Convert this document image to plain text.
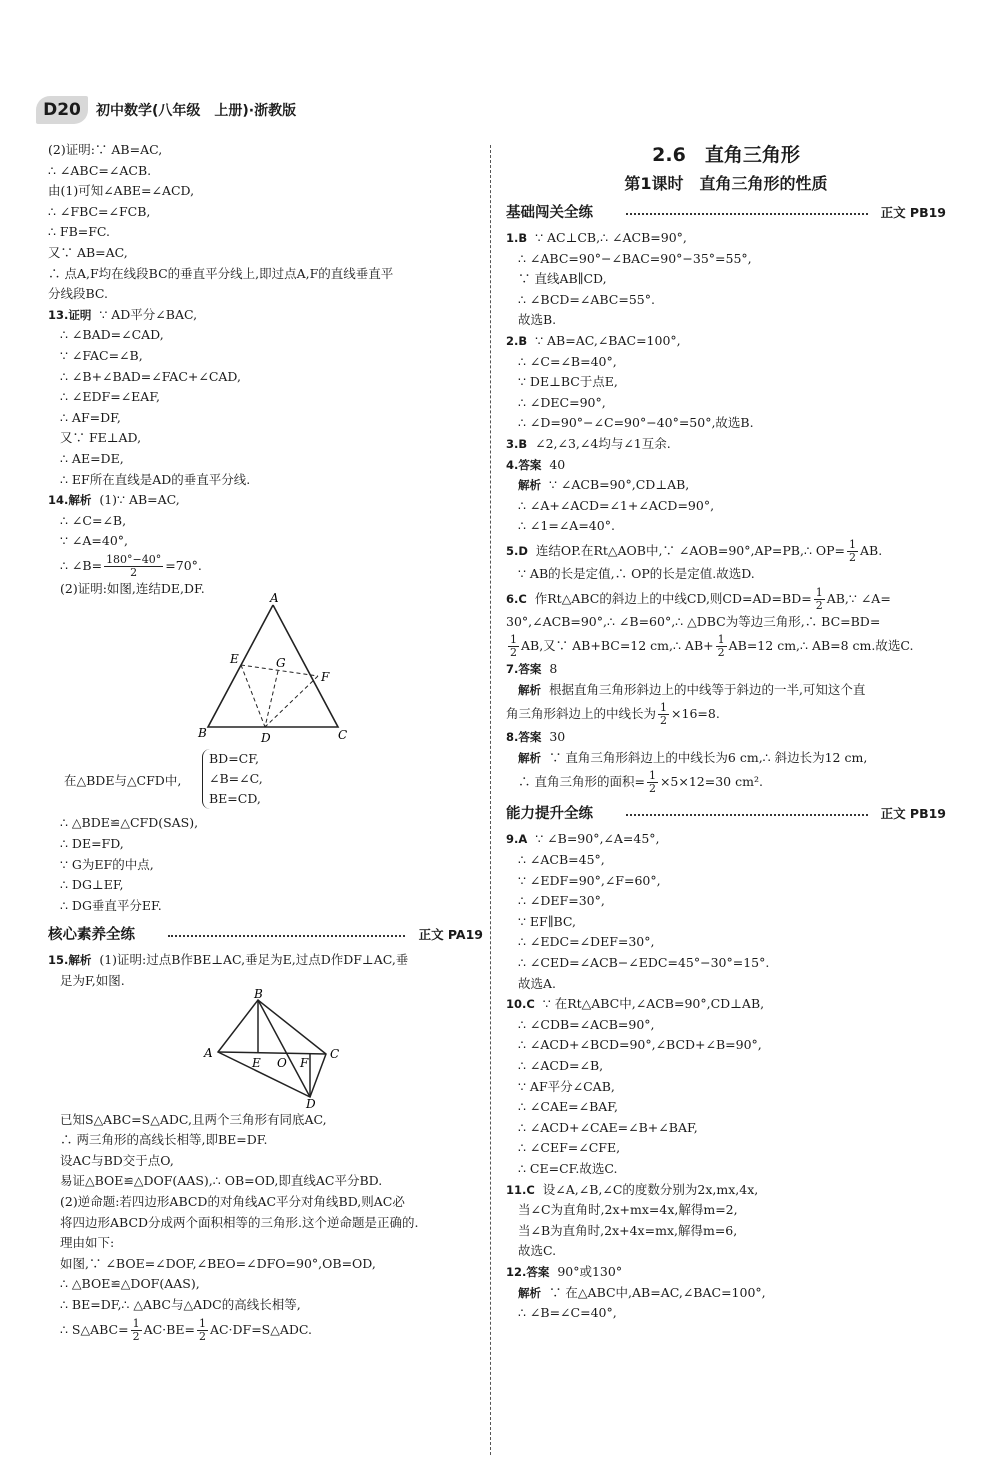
D20	初中数学(八年级　上册)·浙教版
(2)证明:∵ AB=AC,
∴ ∠ABC=∠ACB.
由(1)可知∠ABE=∠ACD,
∴ ∠FBC=∠FCB,
∴ FB=FC.
又∵ AB=AC,
∴ 点A,F均在线段BC的垂直平分线上,即过点A,F的直线垂直平
分线段BC.
13.证明 ∵ AD平分∠BAC,
∴ ∠BAD=∠CAD,
∵ ∠FAC=∠B,
∴ ∠B+∠BAD=∠FAC+∠CAD,
∴ ∠EDF=∠EAF,
∴ AF=DF,
又∵ FE⊥AD,
∴ AE=DE,
∴ EF所在直线是AD的垂直平分线.
14.解析 (1)∵ AB=AC,
∴ ∠C=∠B,
∵ ∠A=40°,
∴ ∠B= $\frac{180^\circ-40^\circ}{2} =70^\circ$.
(2)证明:如图,连结DE,DF.
A
B	C
D
E
F
G
在△BDE与△CFD中,
BD=CF,
∠B=∠C,
BE=CD,
∴ △BDE≌△CFD(SAS),
∴ DE=FD,
∵ G为EF的中点,
∴ DG⊥EF,
∴ DG垂直平分EF.
核心素养全练	正文 PA19
15.解析 (1)证明:过点B作BE⊥AC,垂足为E,过点D作DF⊥AC,垂
足为F,如图.
B
A	C
D
E O F
已知S△ABC=S△ADC,且两个三角形有同底AC,
∴ 两三角形的高线长相等,即BE=DF.
设AC与BD交于点O,
易证△BOE≌△DOF(AAS),∴ OB=OD,即直线AC平分BD.
(2)逆命题:若四边形ABCD的对角线AC平分对角线BD,则AC必
将四边形ABCD分成两个面积相等的三角形.这个逆命题是正确的.
理由如下:
如图,∵ ∠BOE=∠DOF,∠BEO=∠DFO=90°,OB=OD,
∴ △BOE≌△DOF(AAS),
∴ BE=DF,∴ △ABC与△ADC的高线长相等,
∴ S△ABC= $\frac{1}{2} AC\cdot BE= \frac{1}{2}$ AC·DF=S△ADC.
2.6　直角三角形
第1课时　直角三角形的性质
基础闯关全练	正文 PB19
1.B ∵ AC⊥CB,∴ ∠ACB=90°,
∴ ∠ABC=90°−∠BAC=90°−35°=55°,
∵ 直线AB∥CD,
∴ ∠BCD=∠ABC=55°.
故选B.
2.B ∵ AB=AC,∠BAC=100°,
∴ ∠C=∠B=40°,
∵ DE⊥BC于点E,
∴ ∠DEC=90°,
∴ ∠D=90°−∠C=90°−40°=50°,故选B.
3.B ∠2,∠3,∠4均与∠1互余.
4.答案 40
解析 ∵ ∠ACB=90°,CD⊥AB,
∴ ∠A+∠ACD=∠1+∠ACD=90°,
∴ ∠1=∠A=40°.
5.D 连结OP.在Rt△AOB中,∵ ∠AOB=90°,AP=PB,∴ $OP= \frac{1}{2}$ AB.
∵ AB的长是定值,∴ OP的长是定值.故选D.
6.C 作Rt△ABC的斜边上的中线CD,则$CD=AD=BD= \frac{1}{2}$ AB,∵ ∠A=
30°,∠ACB=90°,∴ ∠B=60°,∴ △DBC为等边三角形,∴ BC=BD=
$\frac{1}{2}$ AB,又∵ AB+BC=12 cm,∴ $AB+ \frac{1}{2} AB=12$ cm,∴ AB=8 cm.故选C.
7.答案 8
解析 根据直角三角形斜边上的中线等于斜边的一半,可知这个直
角三角形斜边上的中线长为 $\frac{1}{2} \times 16=8$.
8.答案 30
解析 ∵ 直角三角形斜边上的中线长为6 cm,∴ 斜边长为12 cm,
∴ 直角三角形的面积= $\frac{1}{2} \times 5\times 12=30$ cm².
能力提升全练	正文 PB19
9.A ∵ ∠B=90°,∠A=45°,
∴ ∠ACB=45°,
∵ ∠EDF=90°,∠F=60°,
∴ ∠DEF=30°,
∵ EF∥BC,
∴ ∠EDC=∠DEF=30°,
∴ ∠CED=∠ACB−∠EDC=45°−30°=15°.
故选A.
10.C ∵ 在Rt△ABC中,∠ACB=90°,CD⊥AB,
∴ ∠CDB=∠ACB=90°,
∴ ∠ACD+∠BCD=90°,∠BCD+∠B=90°,
∴ ∠ACD=∠B,
∵ AF平分∠CAB,
∴ ∠CAE=∠BAF,
∴ ∠ACD+∠CAE=∠B+∠BAF,
∴ ∠CEF=∠CFE,
∴ CE=CF.故选C.
11.C 设∠A,∠B,∠C的度数分别为2x,mx,4x,
当∠C为直角时,2x+mx=4x,解得m=2,
当∠B为直角时,2x+4x=mx,解得m=6,
故选C.
12.答案 90°或130°
解析 ∵ 在△ABC中,AB=AC,∠BAC=100°,
∴ ∠B=∠C=40°,
